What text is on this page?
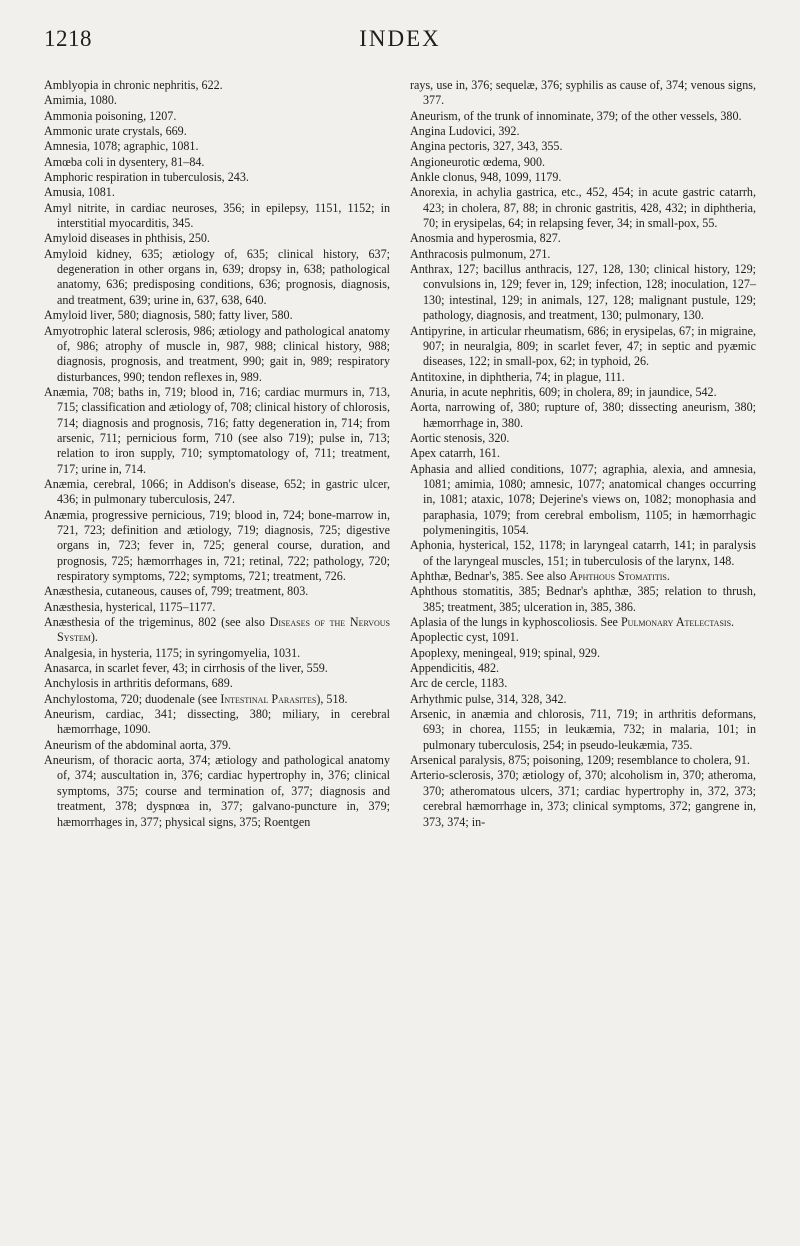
1218	INDEX

Amblyopia in chronic nephritis, 622.

Amimia, 1080.

Ammonia poisoning, 1207.

Ammonic urate crystals, 669.

Amnesia, 1078; agraphic, 1081.

Amœba coli in dysentery, 81–84.

Amphoric respiration in tuberculosis, 243.

Amusia, 1081.

Amyl nitrite, in cardiac neuroses, 356; in epilepsy, 1151, 1152; in interstitial myocarditis, 345.

Amyloid diseases in phthisis, 250.

Amyloid kidney, 635; ætiology of, 635; clinical history, 637; degeneration in other organs in, 639; dropsy in, 638; pathological anatomy, 636; predisposing conditions, 636; prognosis, diagnosis, and treatment, 639; urine in, 637, 638, 640.

Amyloid liver, 580; diagnosis, 580; fatty liver, 580.

Amyotrophic lateral sclerosis, 986; ætiology and pathological anatomy of, 986; atrophy of muscle in, 987, 988; clinical history, 988; diagnosis, prognosis, and treatment, 990; gait in, 989; respiratory disturbances, 990; tendon reflexes in, 989.

Anæmia, 708; baths in, 719; blood in, 716; cardiac murmurs in, 713, 715; classification and ætiology of, 708; clinical history of chlorosis, 714; diagnosis and prognosis, 716; fatty degeneration in, 714; from arsenic, 711; pernicious form, 710 (see also 719); pulse in, 713; relation to iron supply, 710; symptomatology of, 711; treatment, 717; urine in, 714.

Anæmia, cerebral, 1066; in Addison's disease, 652; in gastric ulcer, 436; in pulmonary tuberculosis, 247.

Anæmia, progressive pernicious, 719; blood in, 724; bone-marrow in, 721, 723; definition and ætiology, 719; diagnosis, 725; digestive organs in, 723; fever in, 725; general course, duration, and prognosis, 725; hæmorrhages in, 721; retinal, 722; pathology, 720; respiratory symptoms, 722; symptoms, 721; treatment, 726.

Anæsthesia, cutaneous, causes of, 799; treatment, 803.

Anæsthesia, hysterical, 1175–1177.

Anæsthesia of the trigeminus, 802 (see also Diseases of the Nervous System).

Analgesia, in hysteria, 1175; in syringomyelia, 1031.

Anasarca, in scarlet fever, 43; in cirrhosis of the liver, 559.

Anchylosis in arthritis deformans, 689.

Anchylostoma, 720; duodenale (see Intestinal Parasites), 518.

Aneurism, cardiac, 341; dissecting, 380; miliary, in cerebral hæmorrhage, 1090.

Aneurism of the abdominal aorta, 379.

Aneurism, of thoracic aorta, 374; ætiology and pathological anatomy of, 374; auscultation in, 376; cardiac hypertrophy in, 376; clinical symptoms, 375; course and termination of, 377; diagnosis and treatment, 378; dyspnœa in, 377; galvano-puncture in, 379; hæmorrhages in, 377; physical signs, 375; Roentgen

rays, use in, 376; sequelæ, 376; syphilis as cause of, 374; venous signs, 377.

Aneurism, of the trunk of innominate, 379; of the other vessels, 380.

Angina Ludovici, 392.

Angina pectoris, 327, 343, 355.

Angioneurotic œdema, 900.

Ankle clonus, 948, 1099, 1179.

Anorexia, in achylia gastrica, etc., 452, 454; in acute gastric catarrh, 423; in cholera, 87, 88; in chronic gastritis, 428, 432; in diphtheria, 70; in erysipelas, 64; in relapsing fever, 34; in small-pox, 55.

Anosmia and hyperosmia, 827.

Anthracosis pulmonum, 271.

Anthrax, 127; bacillus anthracis, 127, 128, 130; clinical history, 129; convulsions in, 129; fever in, 129; infection, 128; inoculation, 127–130; intestinal, 129; in animals, 127, 128; malignant pustule, 129; pathology, diagnosis, and treatment, 130; pulmonary, 130.

Antipyrine, in articular rheumatism, 686; in erysipelas, 67; in migraine, 907; in neuralgia, 809; in scarlet fever, 47; in septic and pyæmic diseases, 122; in small-pox, 62; in typhoid, 26.

Antitoxine, in diphtheria, 74; in plague, 111.

Anuria, in acute nephritis, 609; in cholera, 89; in jaundice, 542.

Aorta, narrowing of, 380; rupture of, 380; dissecting aneurism, 380; hæmorrhage in, 380.

Aortic stenosis, 320.

Apex catarrh, 161.

Aphasia and allied conditions, 1077; agraphia, alexia, and amnesia, 1081; amimia, 1080; amnesic, 1077; anatomical changes occurring in, 1081; ataxic, 1078; Dejerine's views on, 1082; monophasia and paraphasia, 1079; from cerebral embolism, 1105; in hæmorrhagic polymeningitis, 1054.

Aphonia, hysterical, 152, 1178; in laryngeal catarrh, 141; in paralysis of the laryngeal muscles, 151; in tuberculosis of the larynx, 148.

Aphthæ, Bednar's, 385. See also Aphthous Stomatitis.

Aphthous stomatitis, 385; Bednar's aphthæ, 385; relation to thrush, 385; treatment, 385; ulceration in, 385, 386.

Aplasia of the lungs in kyphoscoliosis. See Pulmonary Atelectasis.

Apoplectic cyst, 1091.

Apoplexy, meningeal, 919; spinal, 929.

Appendicitis, 482.

Arc de cercle, 1183.

Arhythmic pulse, 314, 328, 342.

Arsenic, in anæmia and chlorosis, 711, 719; in arthritis deformans, 693; in chorea, 1155; in leukæmia, 732; in malaria, 101; in pulmonary tuberculosis, 254; in pseudo-leukæmia, 735.

Arsenical paralysis, 875; poisoning, 1209; resemblance to cholera, 91.

Arterio-sclerosis, 370; ætiology of, 370; alcoholism in, 370; atheroma, 370; atheromatous ulcers, 371; cardiac hypertrophy in, 372, 373; cerebral hæmorrhage in, 373; clinical symptoms, 372; gangrene in, 373, 374; in-
